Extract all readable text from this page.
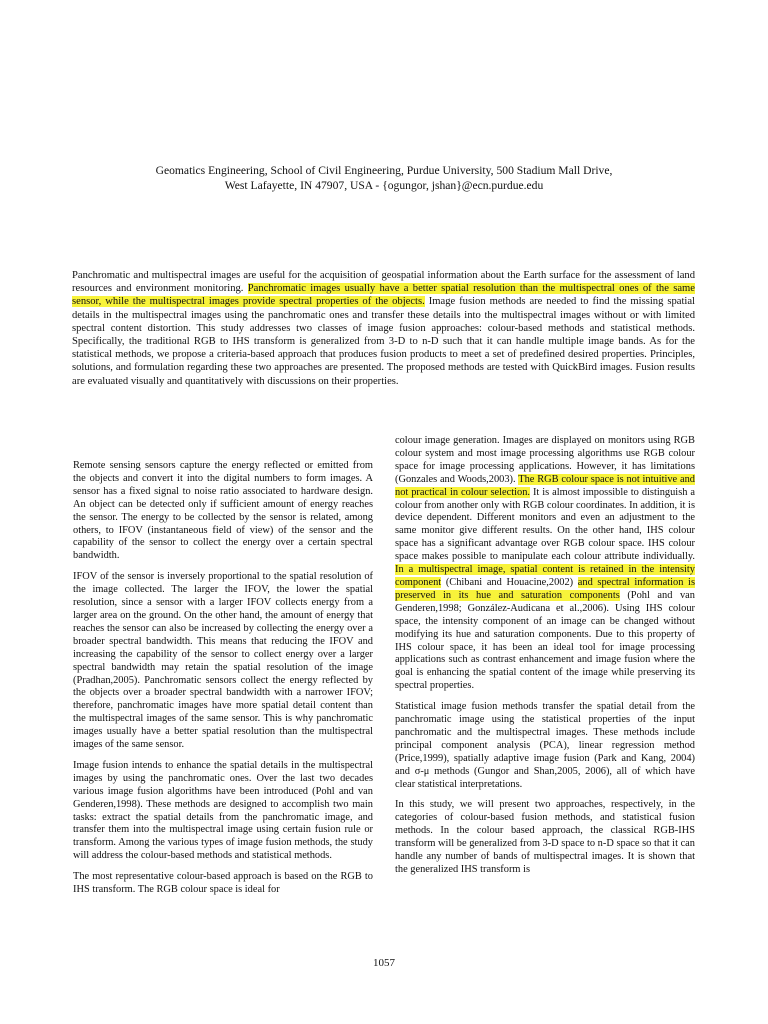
Geomatics Engineering, School of Civil Engineering, Purdue University, 500 Stadium Mall Drive,
West Lafayette, IN 47907, USA - {ogungor, jshan}@ecn.purdue.edu

Panchromatic and multispectral images are useful for the acquisition of geospatial information about the Earth surface for the assessment of land resources and environment monitoring. Panchromatic images usually have a better spatial resolution than the multispectral ones of the same sensor, while the multispectral images provide spectral properties of the objects. Image fusion methods are needed to find the missing spatial details in the multispectral images using the panchromatic ones and transfer these details into the multispectral images without or with limited spectral content distortion. This study addresses two classes of image fusion approaches: colour-based methods and statistical methods. Specifically, the traditional RGB to IHS transform is generalized from 3-D to n-D such that it can handle multiple image bands. As for the statistical methods, we propose a criteria-based approach that produces fusion products to meet a set of predefined desired properties. Principles, solutions, and formulation regarding these two approaches are presented. The proposed methods are tested with QuickBird images. Fusion results are evaluated visually and quantitatively with discussions on their properties.

Remote sensing sensors capture the energy reflected or emitted from the objects and convert it into the digital numbers to form images. A sensor has a fixed signal to noise ratio associated to hardware design. An object can be detected only if sufficient amount of energy reaches the sensor. The energy to be collected by the sensor is related, among others, to IFOV (instantaneous field of view) of the sensor and the capability of the sensor to collect the energy over a certain spectral bandwidth.

IFOV of the sensor is inversely proportional to the spatial resolution of the image collected. The larger the IFOV, the lower the spatial resolution, since a sensor with a larger IFOV collects energy from a larger area on the ground. On the other hand, the amount of energy that reaches the sensor can also be increased by collecting the energy over a broader spectral bandwidth. This means that reducing the IFOV and increasing the capability of the sensor to collect energy over a larger spectral bandwidth may retain the spatial resolution of the image (Pradhan,2005). Panchromatic sensors collect the energy reflected by the objects over a broader spectral bandwidth with a narrower IFOV; therefore, panchromatic images have more spatial detail content than the multispectral images of the same sensor. This is why panchromatic images usually have a better spatial resolution than the multispectral images of the same sensor.

Image fusion intends to enhance the spatial details in the multispectral images by using the panchromatic ones. Over the last two decades various image fusion algorithms have been introduced (Pohl and van Genderen,1998). These methods are designed to accomplish two main tasks: extract the spatial details from the panchromatic image, and transfer them into the multispectral image using certain fusion rule or transform. Among the various types of image fusion methods, the study will address the colour-based methods and statistical methods.

The most representative colour-based approach is based on the RGB to IHS transform. The RGB colour space is ideal for

colour image generation. Images are displayed on monitors using RGB colour system and most image processing algorithms use RGB colour space for image processing applications. However, it has limitations (Gonzales and Woods,2003). The RGB colour space is not intuitive and not practical in colour selection. It is almost impossible to distinguish a colour from another only with RGB colour coordinates. In addition, it is device dependent. Different monitors and even an adjustment to the same monitor give different results. On the other hand, IHS colour space has a significant advantage over RGB colour space. IHS colour space makes possible to manipulate each colour attribute individually. In a multispectral image, spatial content is retained in the intensity component (Chibani and Houacine,2002) and spectral information is preserved in its hue and saturation components (Pohl and van Genderen,1998; González-Audicana et al.,2006). Using IHS colour space, the intensity component of an image can be changed without modifying its hue and saturation components. Due to this property of IHS colour space, it has been an ideal tool for image processing applications such as contrast enhancement and image fusion where the goal is enhancing the spatial content of the image while preserving its spectral properties.

Statistical image fusion methods transfer the spatial detail from the panchromatic image using the statistical properties of the input panchromatic and the multispectral images. These methods include principal component analysis (PCA), linear regression method (Price,1999), spatially adaptive image fusion (Park and Kang, 2004) and σ-μ methods (Gungor and Shan,2005, 2006), all of which have clear statistical interpretations.

In this study, we will present two approaches, respectively, in the categories of colour-based fusion methods, and statistical fusion methods. In the colour based approach, the classical RGB-IHS transform will be generalized from 3-D space to n-D space so that it can handle any number of bands of multispectral images. It is shown that the generalized IHS transform is

1057
